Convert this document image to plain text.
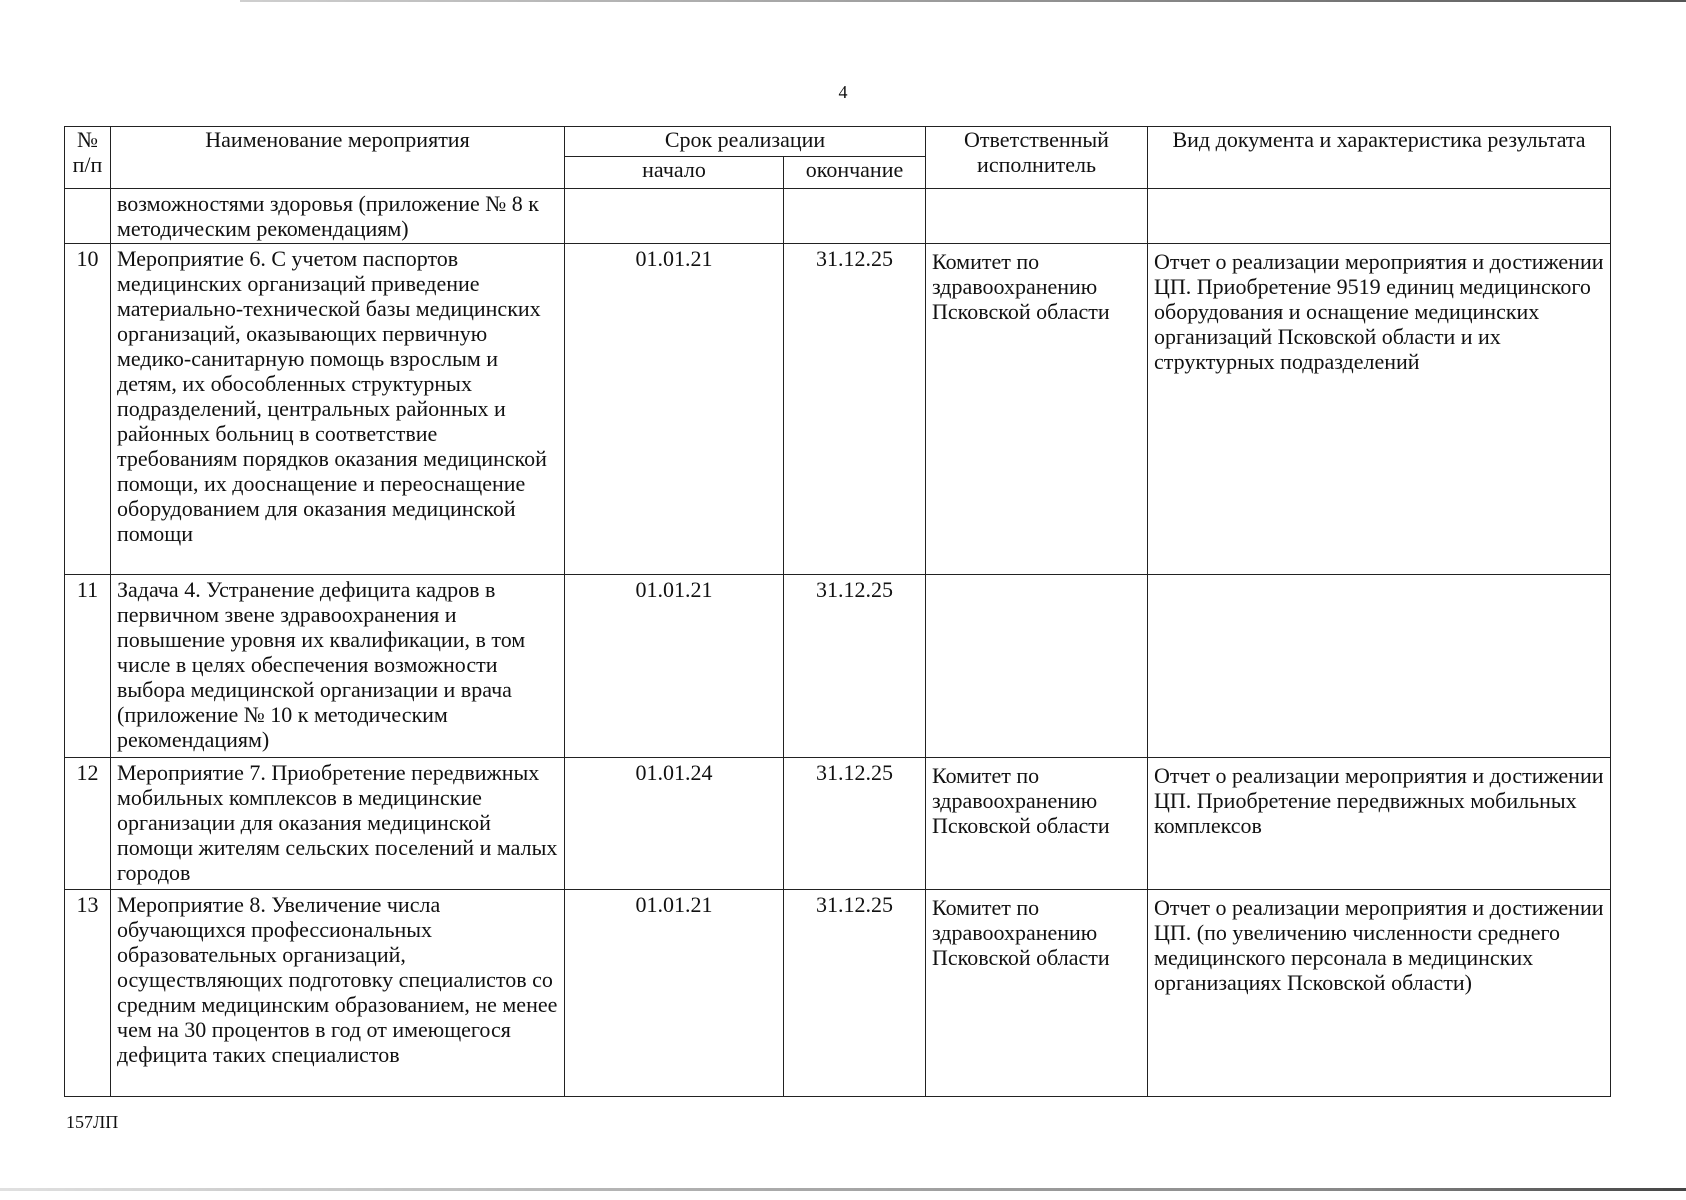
4
№ п/п	Наименование мероприятия	Срок реализации		Ответственный исполнитель	Вид документа и характеристика результата
		начало	окончание		
	возможностями здоровья (приложение № 8 к методическим рекомендациям)				
10	Мероприятие 6. С учетом паспортов медицинских организаций приведение материально-технической базы медицинских организаций, оказывающих первичную медико-санитарную помощь взрослым и детям, их обособленных структурных подразделений, центральных районных и районных больниц в соответствие требованиям порядков оказания медицинской помощи, их дооснащение и переоснащение оборудованием для оказания медицинской помощи	01.01.21	31.12.25	Комитет по здравоохранению Псковской области	Отчет о реализации мероприятия и достижении ЦП. Приобретение 9519 единиц медицинского оборудования и оснащение медицинских организаций Псковской области и их структурных подразделений
11	Задача 4. Устранение дефицита кадров в первичном звене здравоохранения и повышение уровня их квалификации, в том числе в целях обеспечения возможности выбора медицинской организации и врача (приложение № 10 к методическим рекомендациям)	01.01.21	31.12.25		
12	Мероприятие 7. Приобретение передвижных мобильных комплексов в медицинские организации для оказания медицинской помощи жителям сельских поселений и малых городов	01.01.24	31.12.25	Комитет по здравоохранению Псковской области	Отчет о реализации мероприятия и достижении ЦП. Приобретение передвижных мобильных комплексов
13	Мероприятие 8. Увеличение числа обучающихся профессиональных образовательных организаций, осуществляющих подготовку специалистов со средним медицинским образованием, не менее чем на 30 процентов в год от имеющегося дефицита таких специалистов	01.01.21	31.12.25	Комитет по здравоохранению Псковской области	Отчет о реализации мероприятия и достижении ЦП. (по увеличению численности среднего медицинского персонала в медицинских организациях Псковской области)
157ЛП
